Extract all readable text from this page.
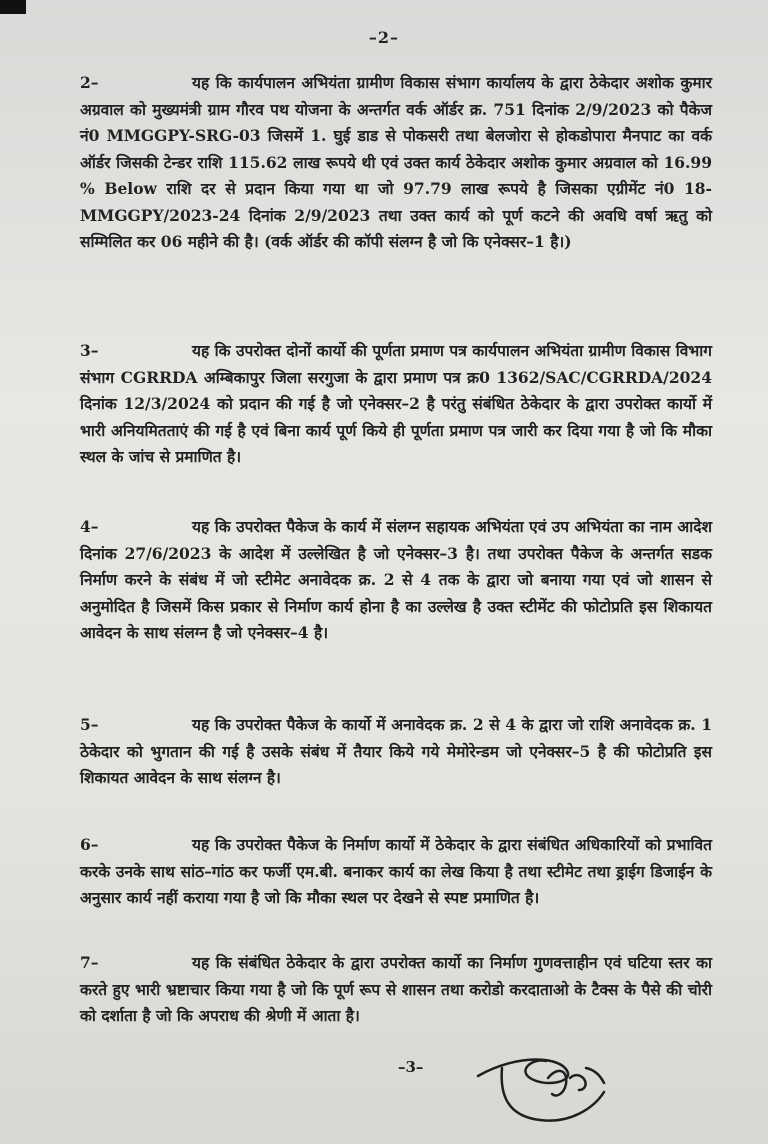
–2–
2–	यह कि कार्यपालन अभियंता ग्रामीण विकास संभाग कार्यालय के द्वारा ठेकेदार अशोक कुमार अग्रवाल को मुख्यमंत्री ग्राम गौरव पथ योजना के अन्तर्गत वर्क ऑर्डर क्र. 751 दिनांक 2/9/2023 को पैकेज नं0 MMGGPY-SRG-03 जिसमें 1. घुई डाड से पोकसरी तथा बेलजोरा से होकडोपारा मैनपाट का वर्क ऑर्डर जिसकी टेन्डर राशि 115.62 लाख रूपये थी एवं उक्त कार्य ठेकेदार अशोक कुमार अग्रवाल को 16.99 % Below राशि दर से प्रदान किया गया था जो 97.79 लाख रूपये है जिसका एग्रीमेंट नं0 18-MMGGPY/2023-24 दिनांक 2/9/2023 तथा उक्त कार्य को पूर्ण कटने की अवधि वर्षा ऋतु को सम्मिलित कर 06 महीने की है। (वर्क ऑर्डर की कॉपी संलग्न है जो कि एनेक्सर–1 है।)
3–	यह कि उपरोक्त दोनों कार्यो की पूर्णता प्रमाण पत्र कार्यपालन अभियंता ग्रामीण विकास विभाग संभाग CGRRDA अम्बिकापुर जिला सरगुजा के द्वारा प्रमाण पत्र क्र0 1362/SAC/CGRRDA/2024 दिनांक 12/3/2024 को प्रदान की गई है जो एनेक्सर–2 है परंतु संबंधित ठेकेदार के द्वारा उपरोक्त कार्यो में भारी अनियमितताएं की गई है एवं बिना कार्य पूर्ण किये ही पूर्णता प्रमाण पत्र जारी कर दिया गया है जो कि मौका स्थल के जांच से प्रमाणित है।
4–	यह कि उपरोक्त पैकेज के कार्य में संलग्न सहायक अभियंता एवं उप अभियंता का नाम आदेश दिनांक 27/6/2023 के आदेश में उल्लेखित है जो एनेक्सर–3 है। तथा उपरोक्त पैकेज के अन्तर्गत सडक निर्माण करने के संबंध में जो स्टीमेट अनावेदक क्र. 2 से 4 तक के द्वारा जो बनाया गया एवं जो शासन से अनुमोदित है जिसमें किस प्रकार से निर्माण कार्य होना है का उल्लेख है उक्त स्टीमेंट की फोटोप्रति इस शिकायत आवेदन के साथ संलग्न है जो एनेक्सर–4 है।
5–	यह कि उपरोक्त पैकेज के कार्यो में अनावेदक क्र. 2 से 4 के द्वारा जो राशि अनावेदक क्र. 1 ठेकेदार को भुगतान की गई है उसके संबंध में तैयार किये गये मेमोरेन्डम जो एनेक्सर–5 है की फोटोप्रति इस शिकायत आवेदन के साथ संलग्न है।
6–	यह कि उपरोक्त पैकेज के निर्माण कार्यो में ठेकेदार के द्वारा संबंधित अधिकारियों को प्रभावित करके उनके साथ सांठ–गांठ कर फर्जी एम.बी. बनाकर कार्य का लेख किया है तथा स्टीमेट तथा ड्राईग डिजाईन के अनुसार कार्य नहीं कराया गया है जो कि मौका स्थल पर देखने से स्पष्ट प्रमाणित है।
7–	यह कि संबंधित ठेकेदार के द्वारा उपरोक्त कार्यो का निर्माण गुणवत्ताहीन एवं घटिया स्तर का करते हुए भारी भ्रष्टाचार किया गया है जो कि पूर्ण रूप से शासन तथा करोडो करदाताओ के टैक्स के पैसे की चोरी को दर्शाता है जो कि अपराध की श्रेणी में आता है।
–3–
